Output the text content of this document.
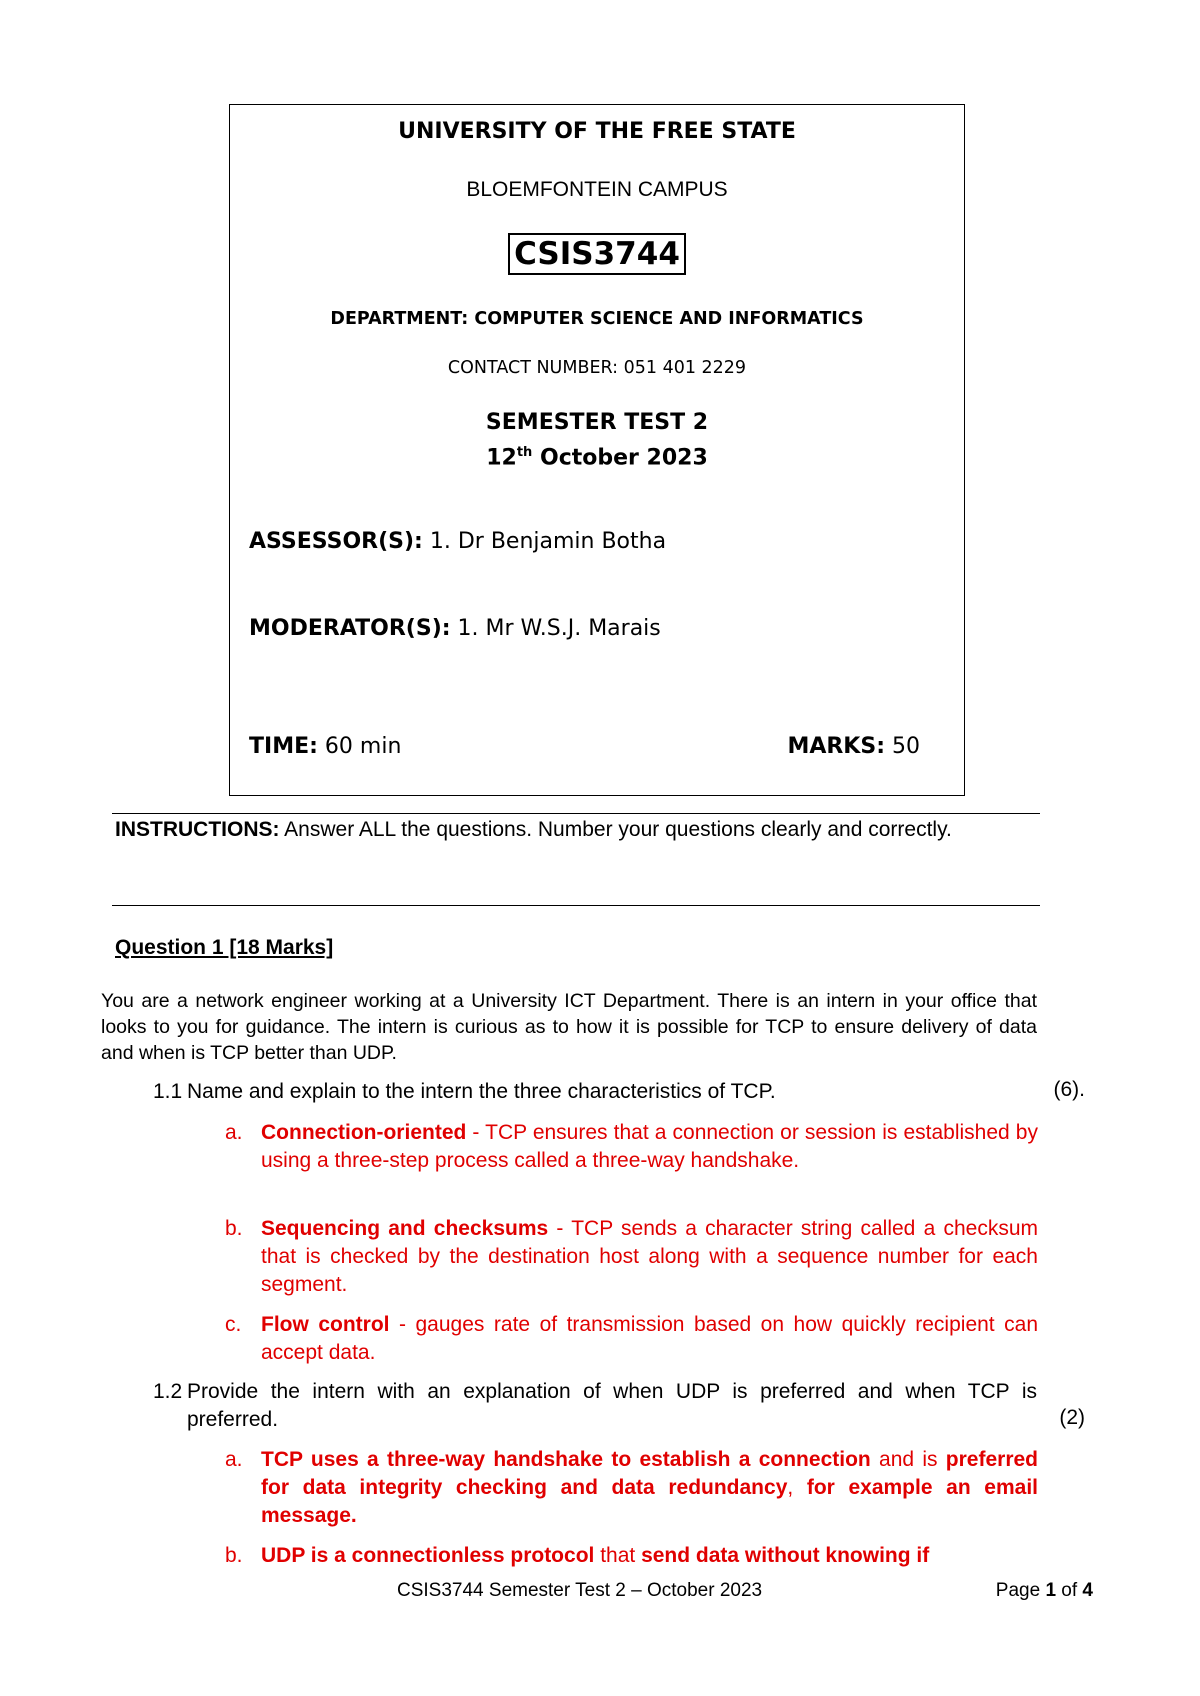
UNIVERSITY OF THE FREE STATE
BLOEMFONTEIN CAMPUS
CSIS3744
DEPARTMENT: COMPUTER SCIENCE AND INFORMATICS
CONTACT NUMBER: 051 401 2229
SEMESTER TEST 2
12th October 2023
ASSESSOR(S): 1. Dr Benjamin Botha
MODERATOR(S): 1. Mr W.S.J. Marais
TIME: 60 min	MARKS: 50
INSTRUCTIONS: Answer ALL the questions. Number your questions clearly and correctly.
Question 1 [18 Marks]
You are a network engineer working at a University ICT Department. There is an intern in your office that looks to you for guidance. The intern is curious as to how it is possible for TCP to ensure delivery of data and when is TCP better than UDP.
1.1 Name and explain to the intern the three characteristics of TCP.	(6).
a. Connection-oriented - TCP ensures that a connection or session is established by using a three-step process called a three-way handshake.
b. Sequencing and checksums - TCP sends a character string called a checksum that is checked by the destination host along with a sequence number for each segment.
c. Flow control - gauges rate of transmission based on how quickly recipient can accept data.
1.2 Provide the intern with an explanation of when UDP is preferred and when TCP is preferred.	(2)
a. TCP uses a three-way handshake to establish a connection and is preferred for data integrity checking and data redundancy, for example an email message.
b. UDP is a connectionless protocol that send data without knowing if
CSIS3744 Semester Test 2 – October 2023	Page 1 of 4
